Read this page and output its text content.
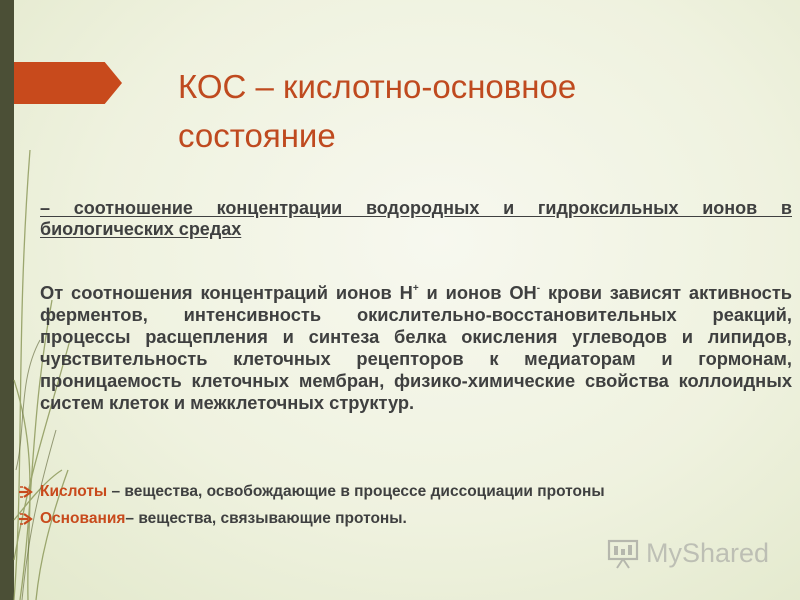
КОС – кислотно-основное
состояние
– соотношение концентрации водородных и гидроксильных ионов в биологических средах
От соотношения концентраций ионов Н+ и ионов ОН- крови зависят активность ферментов, интенсивность окислительно-восстановительных реакций, процессы расщепления и синтеза белка окисления углеводов и липидов, чувствительность клеточных рецепторов к медиаторам и гормонам, проницаемость клеточных мембран, физико-химические свойства коллоидных систем клеток и межклеточных структур.
Кислоты – вещества, освобождающие в процессе диссоциации протоны
Основания– вещества, связывающие протоны.
MyShared
